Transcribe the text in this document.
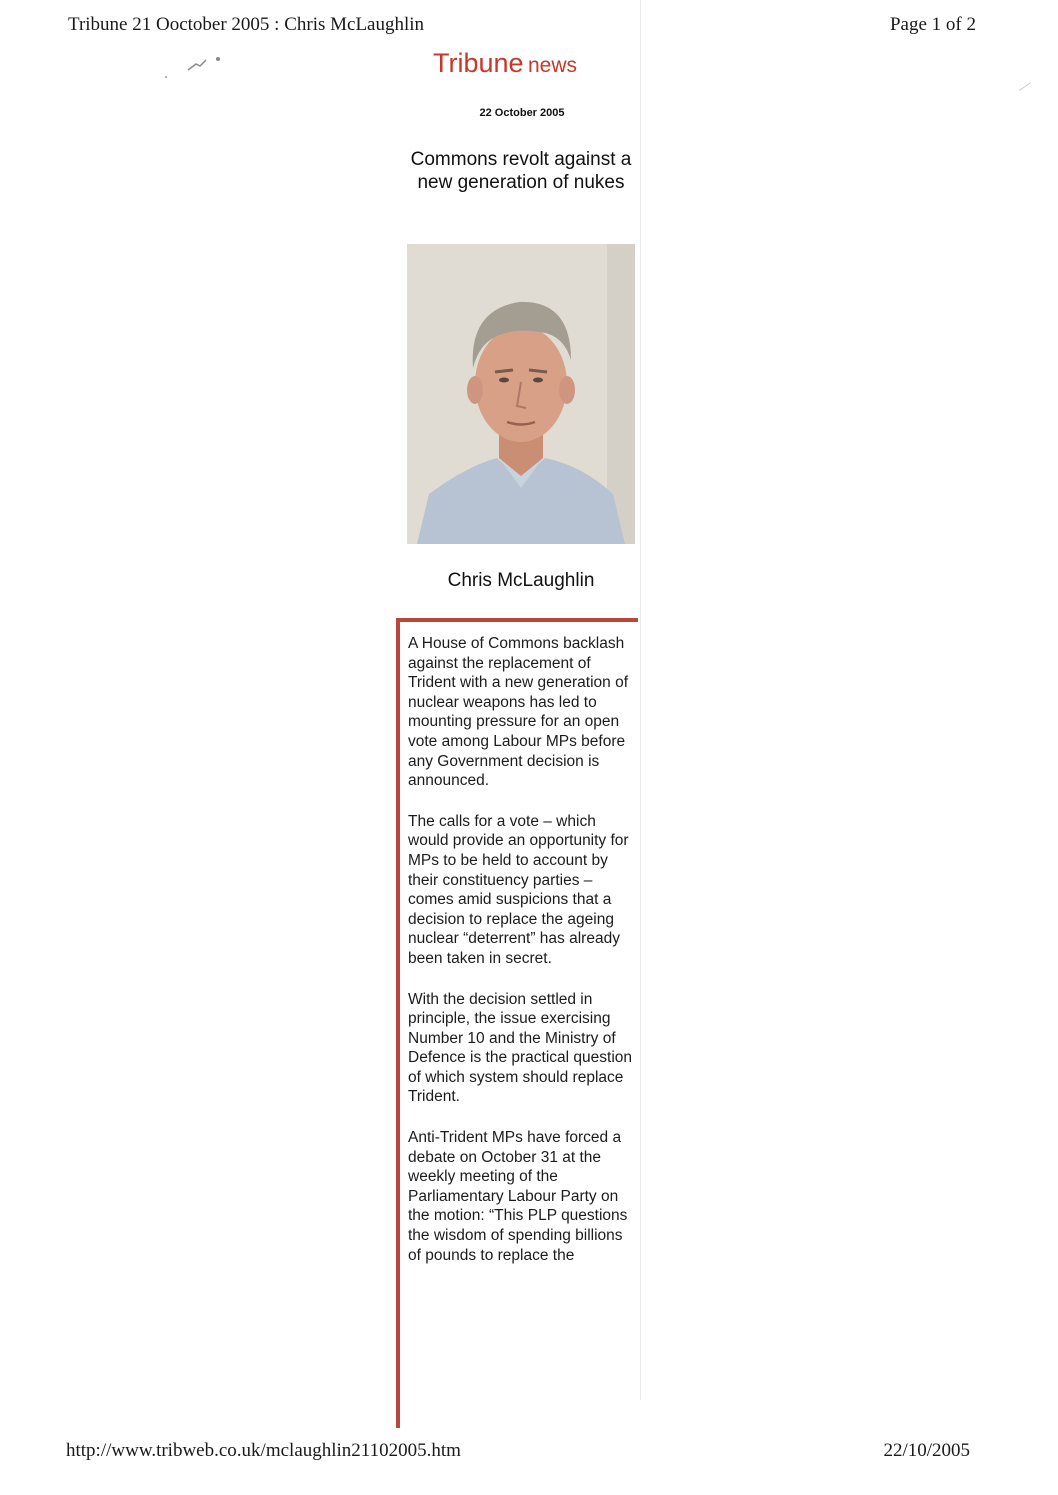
Tribune 21 Ooctober 2005 : Chris McLaughlin	Page 1 of 2
Tribune news
22 October 2005
Commons revolt against a new generation of nukes
Chris McLaughlin

A House of Commons backlash against the replacement of Trident with a new generation of nuclear weapons has led to mounting pressure for an open vote among Labour MPs before any Government decision is announced.

The calls for a vote – which would provide an opportunity for MPs to be held to account by their constituency parties – comes amid suspicions that a decision to replace the ageing nuclear “deterrent” has already been taken in secret.

With the decision settled in principle, the issue exercising Number 10 and the Ministry of Defence is the practical question of which system should replace Trident.

Anti-Trident MPs have forced a debate on October 31 at the weekly meeting of the Parliamentary Labour Party on the motion: “This PLP questions the wisdom of spending billions of pounds to replace the

http://www.tribweb.co.uk/mclaughlin21102005.htm	22/10/2005
